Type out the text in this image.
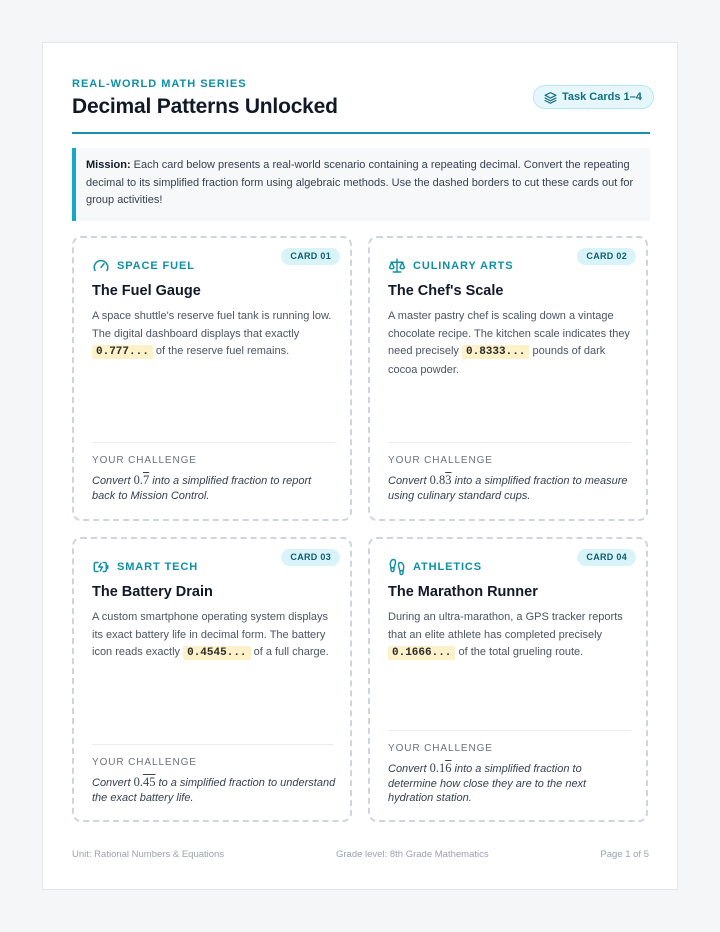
REAL-WORLD MATH SERIES
Decimal Patterns Unlocked	Task Cards 1–4
Mission: Each card below presents a real-world scenario containing a repeating decimal. Convert the repeating decimal to its simplified fraction form using algebraic methods. Use the dashed borders to cut these cards out for group activities!
CARD 01
SPACE FUEL
The Fuel Gauge
A space shuttle's reserve fuel tank is running low. The digital dashboard displays that exactly 0.777... of the reserve fuel remains.
YOUR CHALLENGE
Convert 0.7 into a simplified fraction to report back to Mission Control.
CARD 02
CULINARY ARTS
The Chef's Scale
A master pastry chef is scaling down a vintage chocolate recipe. The kitchen scale indicates they need precisely 0.8333... pounds of dark cocoa powder.
YOUR CHALLENGE
Convert 0.83 into a simplified fraction to measure using culinary standard cups.
CARD 03
SMART TECH
The Battery Drain
A custom smartphone operating system displays its exact battery life in decimal form. The battery icon reads exactly 0.4545... of a full charge.
YOUR CHALLENGE
Convert 0.45 to a simplified fraction to understand the exact battery life.
CARD 04
ATHLETICS
The Marathon Runner
During an ultra-marathon, a GPS tracker reports that an elite athlete has completed precisely 0.1666... of the total grueling route.
YOUR CHALLENGE
Convert 0.16 into a simplified fraction to determine how close they are to the next hydration station.
Unit: Rational Numbers & Equations	Grade level: 8th Grade Mathematics	Page 1 of 5
